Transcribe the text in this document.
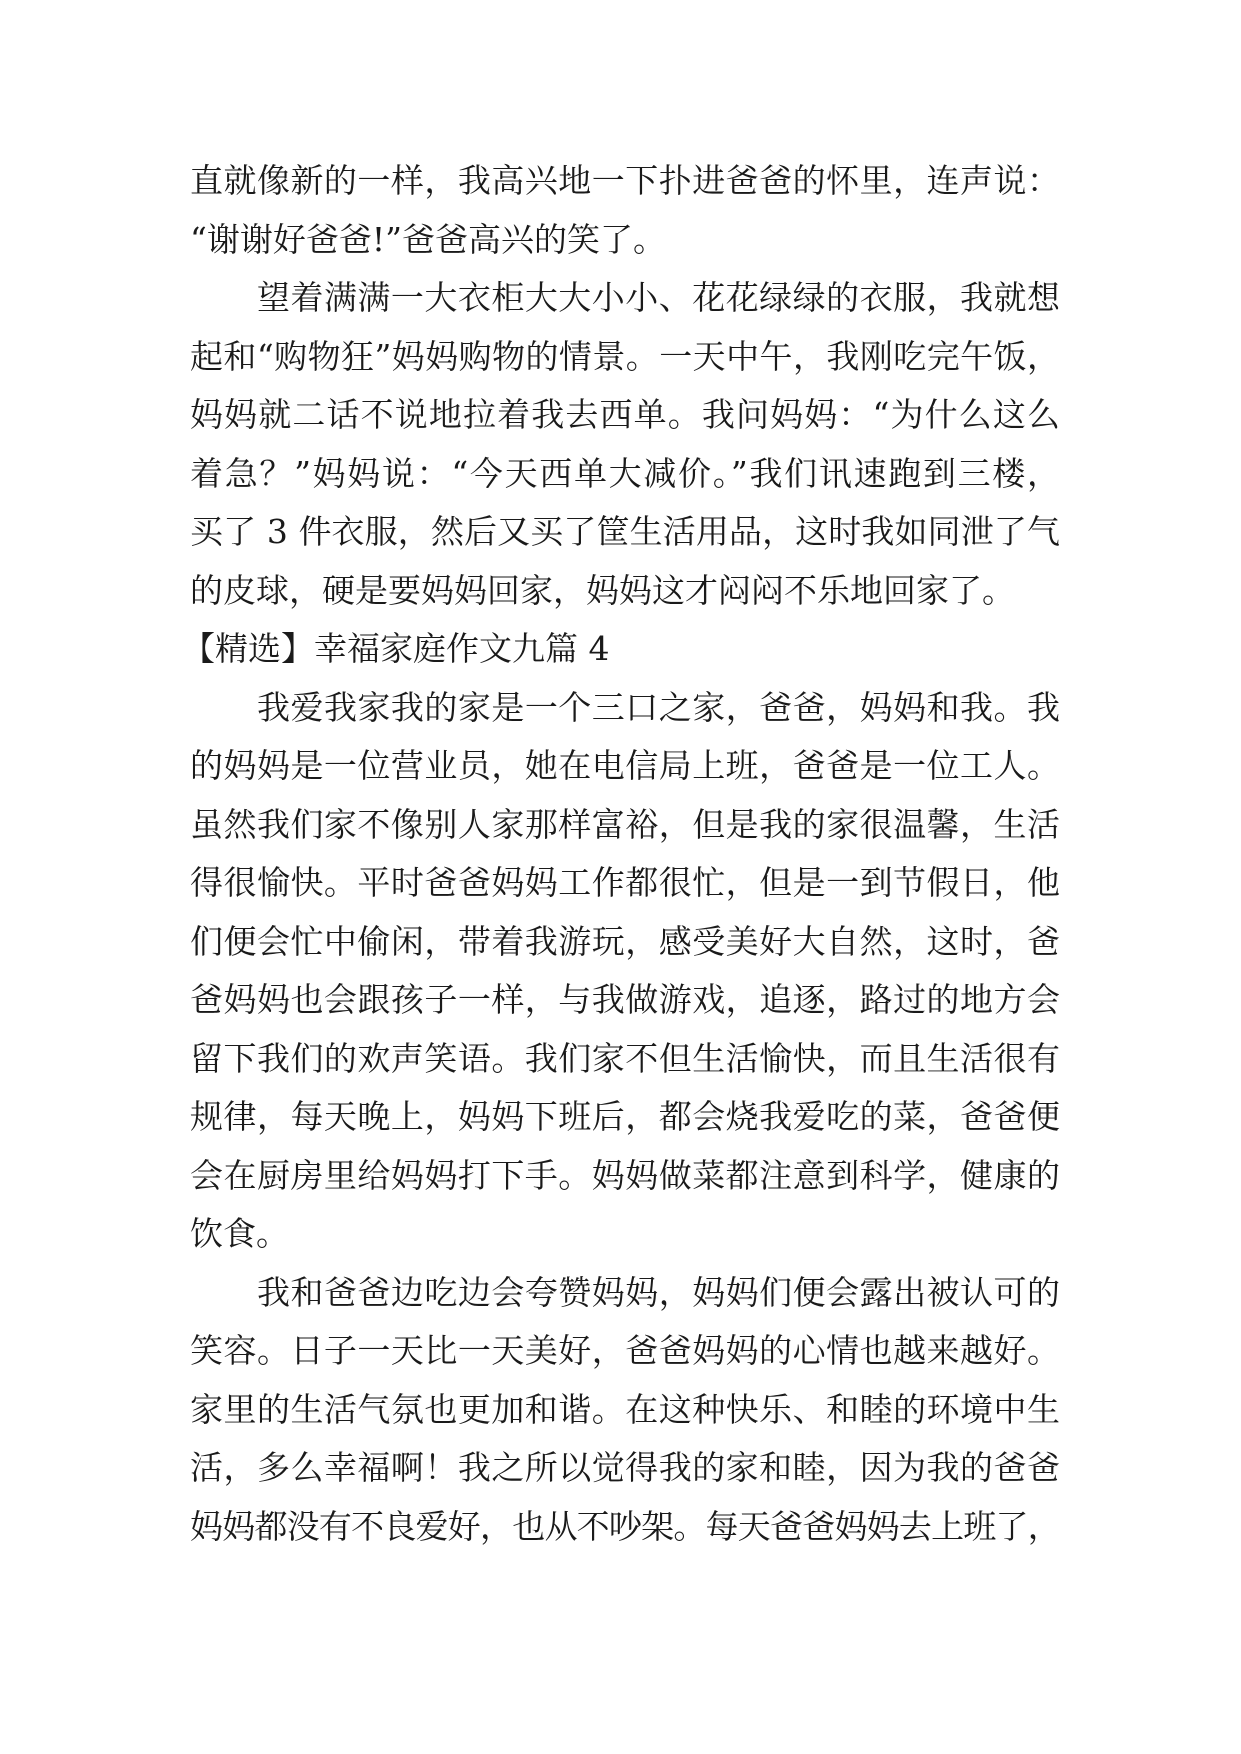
直就像新的一样，我高兴地一下扑进爸爸的怀里，连声说：
“谢谢好爸爸!”爸爸高兴的笑了。
望着满满一大衣柜大大小小、花花绿绿的衣服，我就想
起和“购物狂”妈妈购物的情景。一天中午，我刚吃完午饭，
妈妈就二话不说地拉着我去西单。我问妈妈：“为什么这么
着急？”妈妈说：“今天西单大减价。”我们讯速跑到三楼，
买了 3 件衣服，然后又买了筐生活用品，这时我如同泄了气
的皮球，硬是要妈妈回家，妈妈这才闷闷不乐地回家了。
【精选】幸福家庭作文九篇 4
我爱我家我的家是一个三口之家，爸爸，妈妈和我。我
的妈妈是一位营业员，她在电信局上班，爸爸是一位工人。
虽然我们家不像别人家那样富裕，但是我的家很温馨，生活
得很愉快。平时爸爸妈妈工作都很忙，但是一到节假日，他
们便会忙中偷闲，带着我游玩，感受美好大自然，这时，爸
爸妈妈也会跟孩子一样，与我做游戏，追逐，路过的地方会
留下我们的欢声笑语。我们家不但生活愉快，而且生活很有
规律，每天晚上，妈妈下班后，都会烧我爱吃的菜，爸爸便
会在厨房里给妈妈打下手。妈妈做菜都注意到科学，健康的
饮食。
我和爸爸边吃边会夸赞妈妈，妈妈们便会露出被认可的
笑容。日子一天比一天美好，爸爸妈妈的心情也越来越好。
家里的生活气氛也更加和谐。在这种快乐、和睦的环境中生
活，多么幸福啊！我之所以觉得我的家和睦，因为我的爸爸
妈妈都没有不良爱好，也从不吵架。每天爸爸妈妈去上班了，
